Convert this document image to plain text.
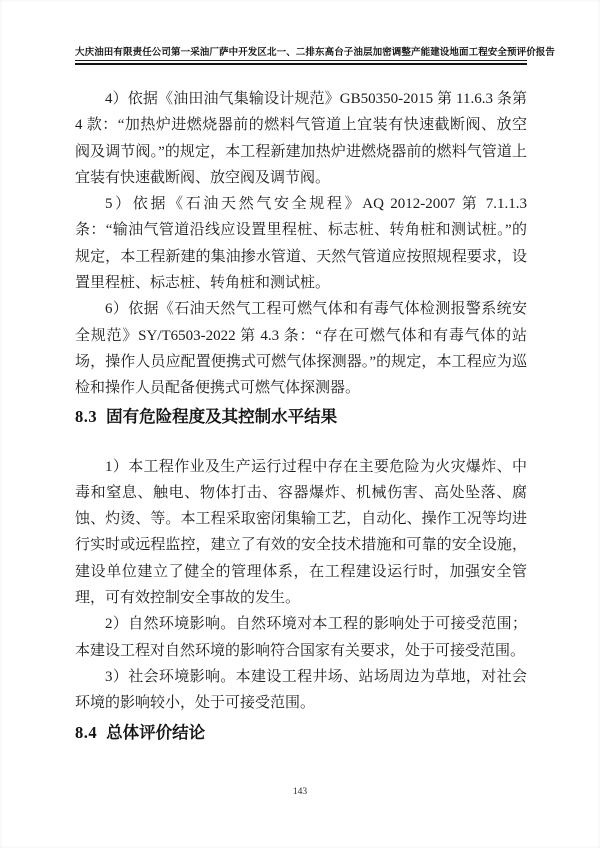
大庆油田有限责任公司第一采油厂萨中开发区北一、二排东高台子油层加密调整产能建设地面工程安全预评价报告

4）依据《油田油气集输设计规范》GB50350-2015 第 11.6.3 条第 4 款：“加热炉进燃烧器前的燃料气管道上宜装有快速截断阀、放空阀及调节阀。”的规定，本工程新建加热炉进燃烧器前的燃料气管道上宜装有快速截断阀、放空阀及调节阀。

5）依据《石油天然气安全规程》AQ 2012-2007 第 7.1.1.3 条：“输油气管道沿线应设置里程桩、标志桩、转角桩和测试桩。”的规定，本工程新建的集油掺水管道、天然气管道应按照规程要求，设置里程桩、标志桩、转角桩和测试桩。

6）依据《石油天然气工程可燃气体和有毒气体检测报警系统安全规范》SY/T6503-2022 第 4.3 条：“存在可燃气体和有毒气体的站场，操作人员应配置便携式可燃气体探测器。”的规定，本工程应为巡检和操作人员配备便携式可燃气体探测器。

8.3 固有危险程度及其控制水平结果

1）本工程作业及生产运行过程中存在主要危险为火灾爆炸、中毒和窒息、触电、物体打击、容器爆炸、机械伤害、高处坠落、腐蚀、灼烫、等。本工程采取密闭集输工艺，自动化、操作工况等均进行实时或远程监控，建立了有效的安全技术措施和可靠的安全设施，建设单位建立了健全的管理体系，在工程建设运行时，加强安全管理，可有效控制安全事故的发生。

2）自然环境影响。自然环境对本工程的影响处于可接受范围；本建设工程对自然环境的影响符合国家有关要求，处于可接受范围。

3）社会环境影响。本建设工程井场、站场周边为草地，对社会环境的影响较小，处于可接受范围。

8.4 总体评价结论
143
